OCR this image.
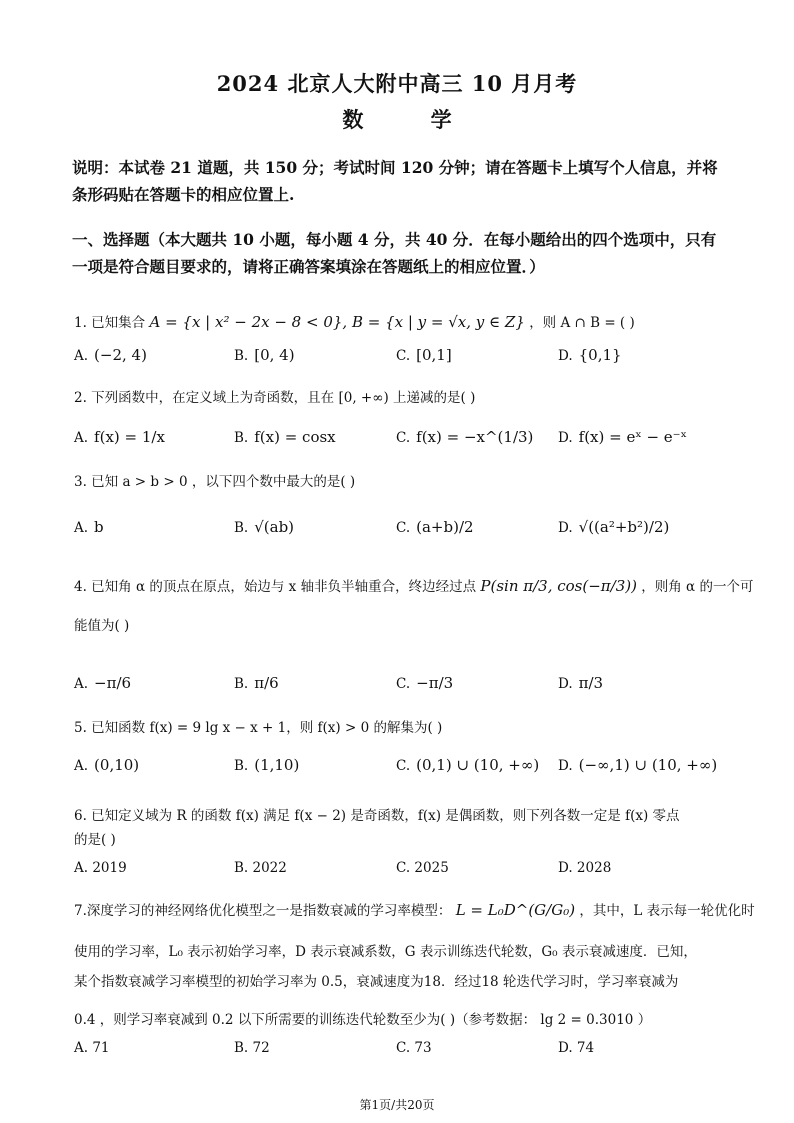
2024 北京人大附中高三 10 月月考
数 学
说明：本试卷 21 道题，共 150 分；考试时间 120 分钟；请在答题卡上填写个人信息，并将条形码贴在答题卡的相应位置上.
一、选择题（本大题共 10 小题，每小题 4 分，共 40 分．在每小题给出的四个选项中，只有一项是符合题目要求的，请将正确答案填涂在答题纸上的相应位置．）
1. 已知集合 A = {x | x² − 2x − 8 < 0}, B = {x | y = √x, y ∈ Z} ，则 A ∩ B = ( )
A. (−2, 4)	B. [0, 4)	C. [0,1]	D. {0,1}
2. 下列函数中，在定义域上为奇函数，且在 [0, +∞) 上递减的是( )
A. f(x) = 1/x	B. f(x) = cosx	C. f(x) = −x^(1/3) D. f(x) = eˣ − e⁻ˣ
3. 已知 a > b > 0 ，以下四个数中最大的是( )
A. b	B. √(ab)	C. (a+b)/2	D. √((a²+b²)/2)
4. 已知角 α 的顶点在原点，始边与 x 轴非负半轴重合，终边经过点 P(sin π/3, cos(−π/3)) ，则角 α 的一个可
能值为( )
A. −π/6	B. π/6	C. −π/3	D. π/3
5. 已知函数 f(x) = 9 lg x − x + 1，则 f(x) > 0 的解集为( )
A. (0,10)	B. (1,10)	C. (0,1) ∪ (10, +∞) D. (−∞,1) ∪ (10, +∞)
6. 已知定义域为 R 的函数 f(x) 满足 f(x − 2) 是奇函数，f(x) 是偶函数，则下列各数一定是 f(x) 零点
的是( )
A. 2019	B. 2022	C. 2025	D. 2028
7.深度学习的神经网络优化模型之一是指数衰减的学习率模型： L = L₀D^(G/G₀) ，其中，L 表示每一轮优化时
使用的学习率，L₀ 表示初始学习率，D 表示衰减系数，G 表示训练迭代轮数，G₀ 表示衰减速度．已知，
某个指数衰减学习率模型的初始学习率为 0.5，衰减速度为18．经过18 轮迭代学习时，学习率衰减为
0.4 ，则学习率衰减到 0.2 以下所需要的训练迭代轮数至少为( )（参考数据： lg 2 = 0.3010 ）
A. 71	B. 72	C. 73	D. 74
第1页/共20页
